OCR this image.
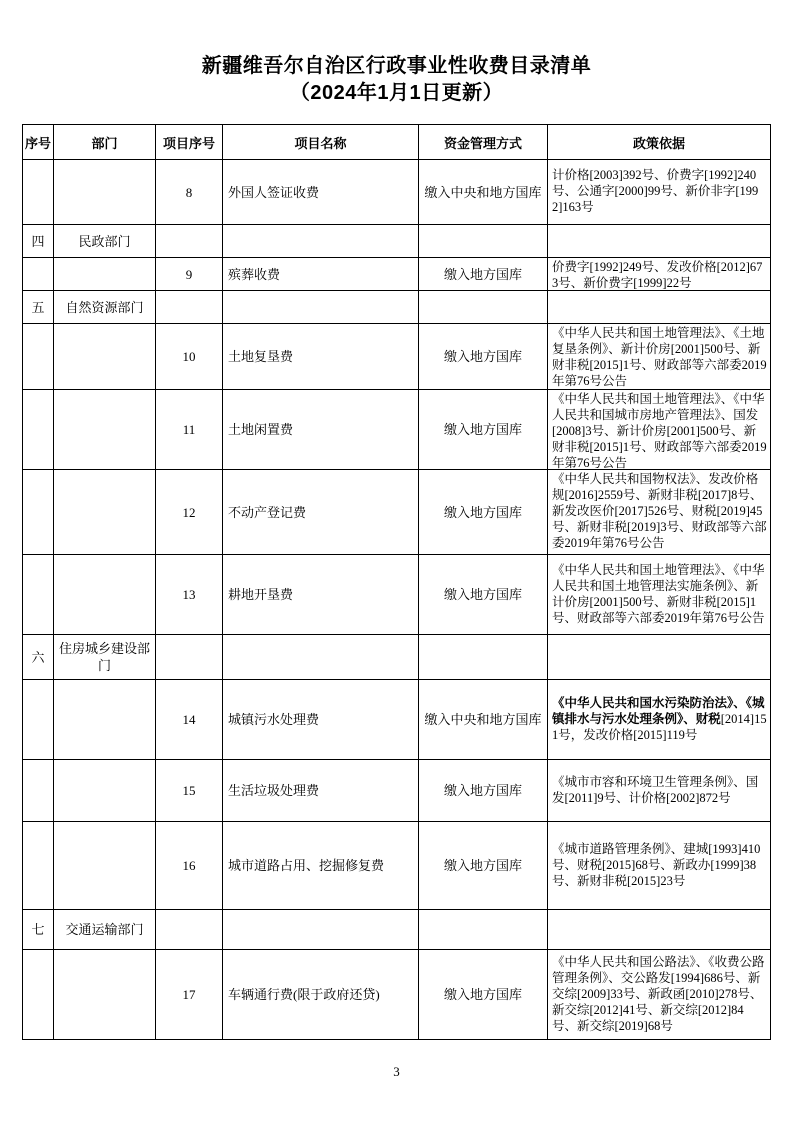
新疆维吾尔自治区行政事业性收费目录清单
（2024年1月1日更新）
序号	部门	项目序号	项目名称	资金管理方式	政策依据
		8	外国人签证收费	缴入中央和地方国库	计价格[2003]392号、价费字[1992]240号、公通字[2000]99号、新价非字[1992]163号

四	民政部门				

		9	殡葬收费	缴入地方国库	价费字[1992]249号、发改价格[2012]673号、新价费字[1999]22号

五	自然资源部门				

		10	土地复垦费	缴入地方国库	《中华人民共和国土地管理法》、《土地复垦条例》、新计价房[2001]500号、新财非税[2015]1号、财政部等六部委2019年第76号公告

		11	土地闲置费	缴入地方国库	《中华人民共和国土地管理法》、《中华人民共和国城市房地产管理法》、国发[2008]3号、新计价房[2001]500号、新财非税[2015]1号、财政部等六部委2019年第76号公告

		12	不动产登记费	缴入地方国库	《中华人民共和国物权法》、发改价格规[2016]2559号、新财非税[2017]8号、新发改医价[2017]526号、财税[2019]45号、新财非税[2019]3号、财政部等六部委2019年第76号公告

		13	耕地开垦费	缴入地方国库	《中华人民共和国土地管理法》、《中华人民共和国土地管理法实施条例》、新计价房[2001]500号、新财非税[2015]1号、财政部等六部委2019年第76号公告

六	住房城乡建设部门				

		14	城镇污水处理费	缴入中央和地方国库	《中华人民共和国水污染防治法》、《城镇排水与污水处理条例》、财税[2014]151号，发改价格[2015]119号

		15	生活垃圾处理费	缴入地方国库	《城市市容和环境卫生管理条例》、国发[2011]9号、计价格[2002]872号

		16	城市道路占用、挖掘修复费	缴入地方国库	《城市道路管理条例》、建城[1993]410号、财税[2015]68号、新政办[1999]38号、新财非税[2015]23号

七	交通运输部门				

		17	车辆通行费(限于政府还贷)	缴入地方国库	《中华人民共和国公路法》、《收费公路管理条例》、交公路发[1994]686号、新交综[2009]33号、新政函[2010]278号、新交综[2012]41号、新交综[2012]84号、新交综[2019]68号
3
